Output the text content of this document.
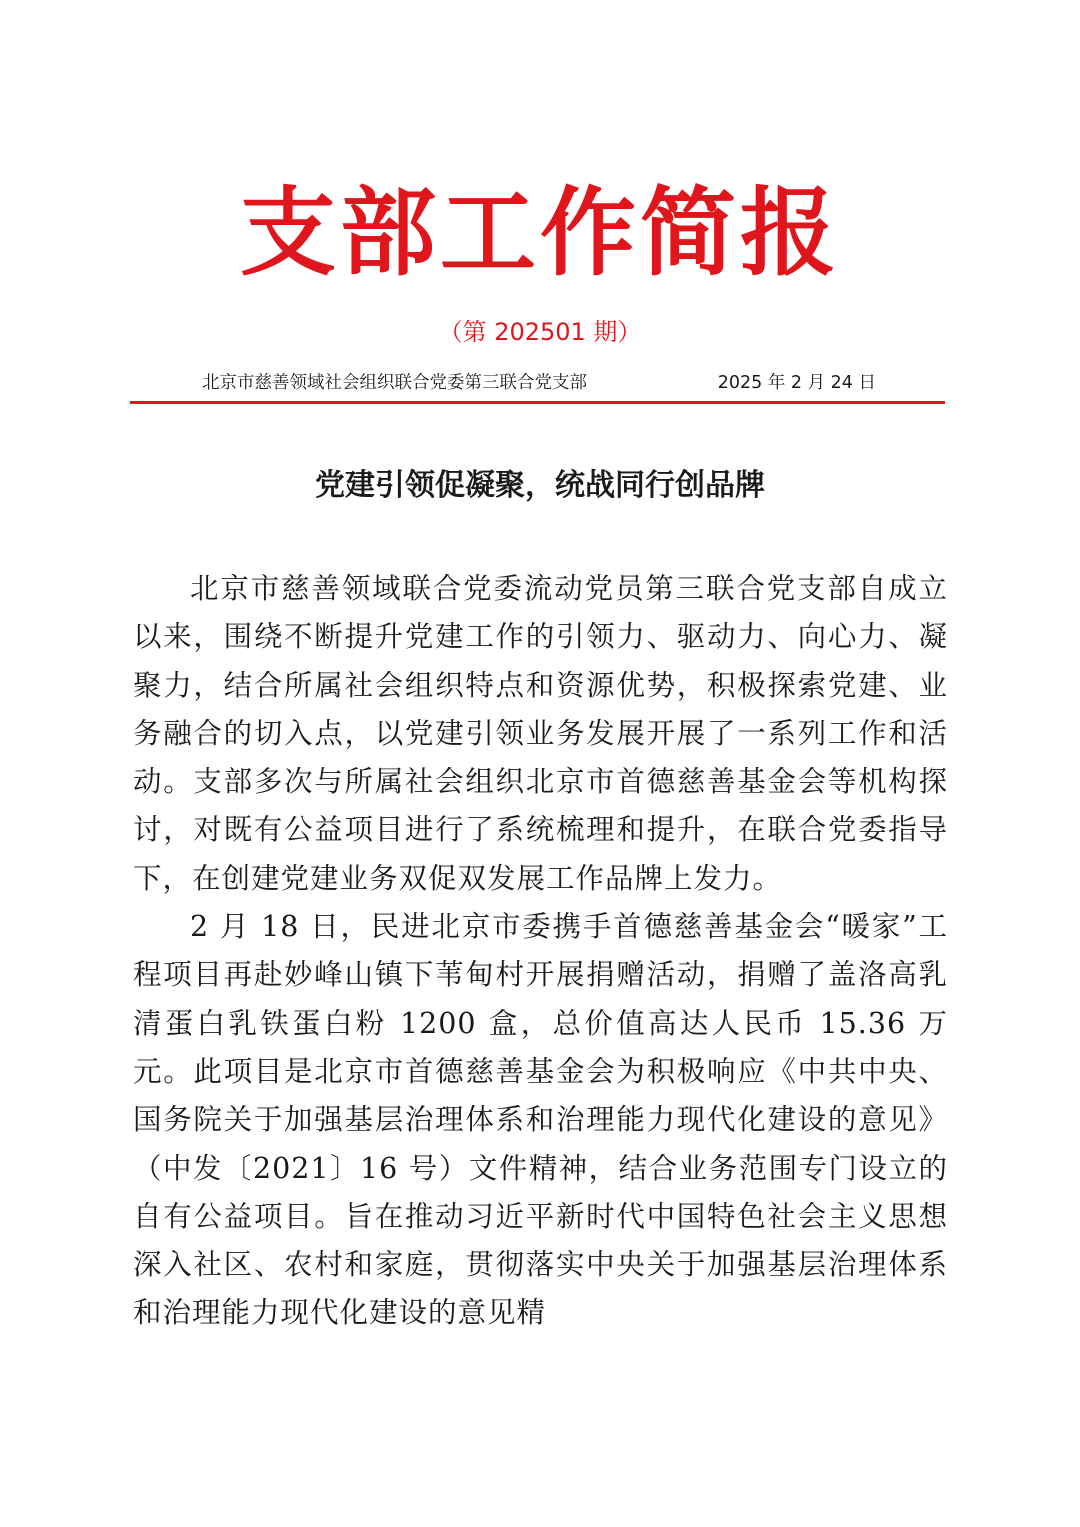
支部工作简报
（第 202501 期）
北京市慈善领域社会组织联合党委第三联合党支部	2025 年 2 月 24 日
党建引领促凝聚，统战同行创品牌

北京市慈善领域联合党委流动党员第三联合党支部自成立以来，围绕不断提升党建工作的引领力、驱动力、向心力、凝聚力，结合所属社会组织特点和资源优势，积极探索党建、业务融合的切入点，以党建引领业务发展开展了一系列工作和活动。支部多次与所属社会组织北京市首德慈善基金会等机构探讨，对既有公益项目进行了系统梳理和提升，在联合党委指导下，在创建党建业务双促双发展工作品牌上发力。

2 月 18 日，民进北京市委携手首德慈善基金会“暖家”工程项目再赴妙峰山镇下苇甸村开展捐赠活动，捐赠了盖洛高乳清蛋白乳铁蛋白粉 1200 盒，总价值高达人民币 15.36 万元。此项目是北京市首德慈善基金会为积极响应《中共中央、国务院关于加强基层治理体系和治理能力现代化建设的意见》（中发〔2021〕16 号）文件精神，结合业务范围专门设立的自有公益项目。旨在推动习近平新时代中国特色社会主义思想深入社区、农村和家庭，贯彻落实中央关于加强基层治理体系和治理能力现代化建设的意见精
